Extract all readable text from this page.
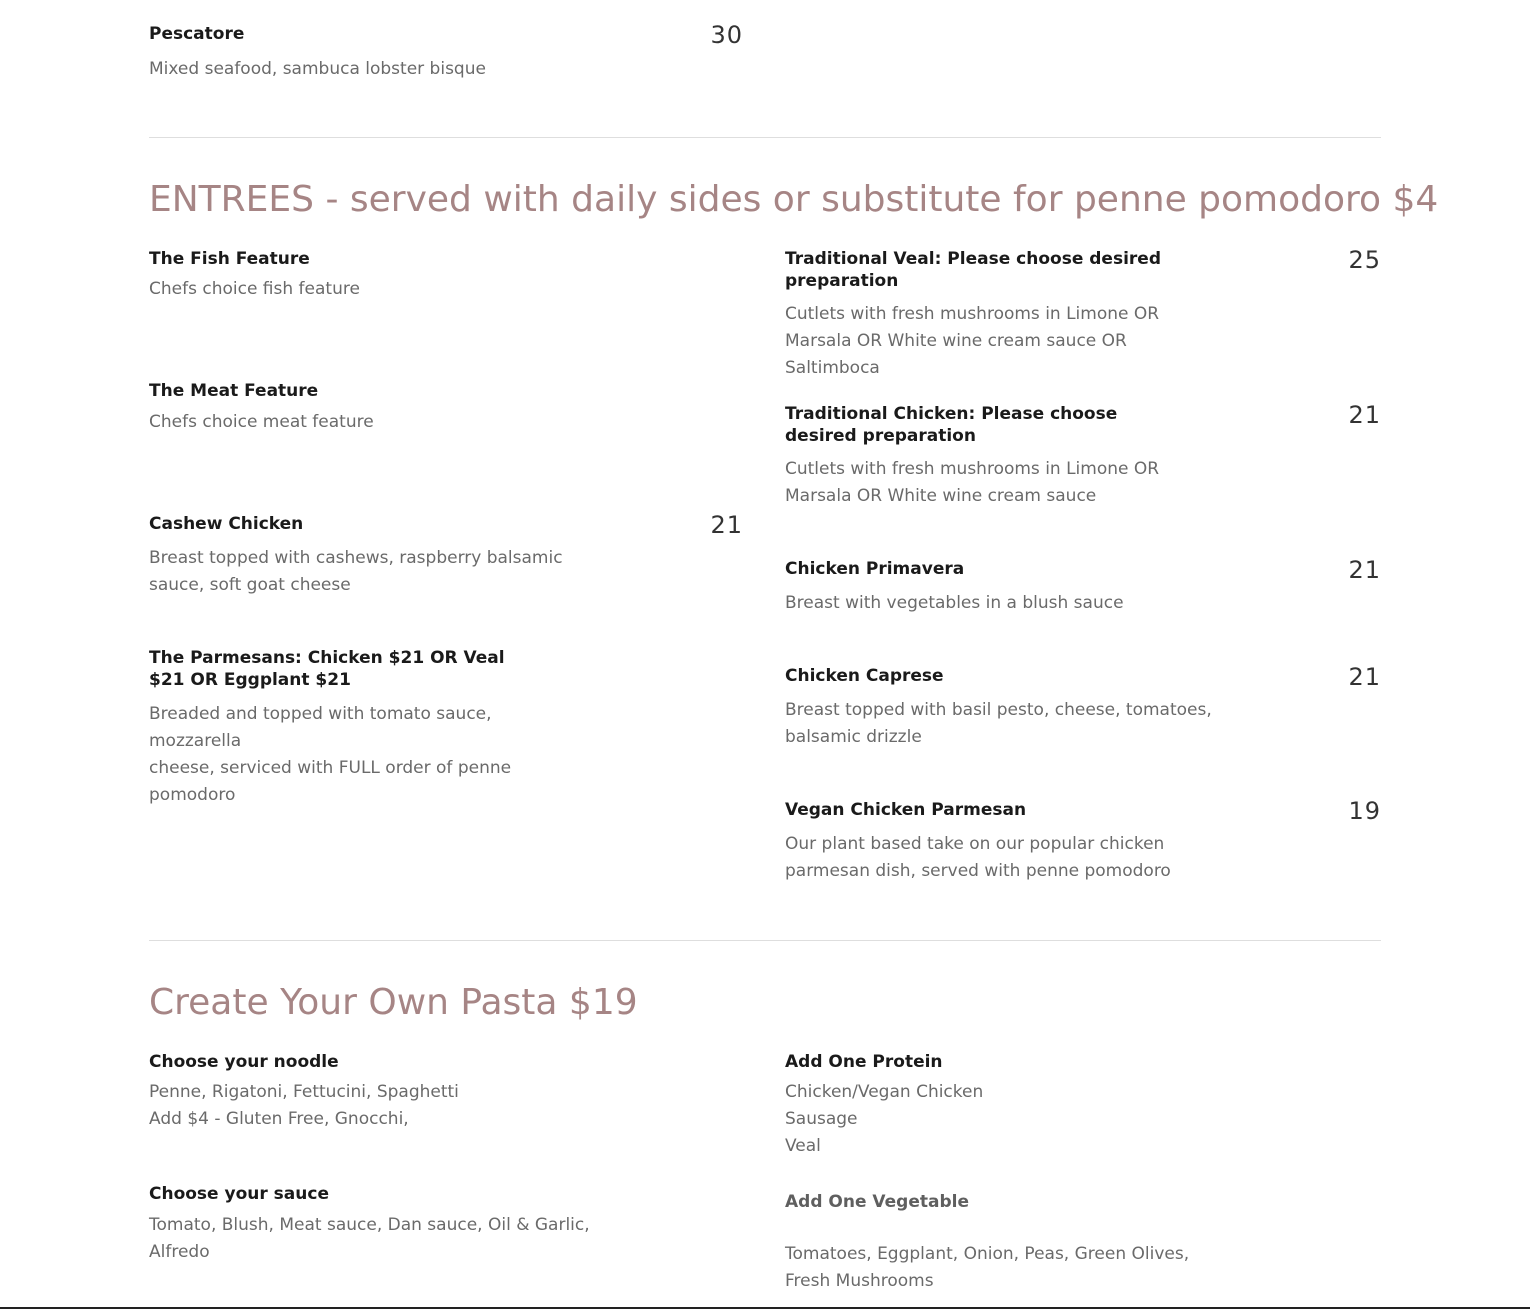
Pescatore
Mixed seafood, sambuca lobster bisque
30
ENTREES - served with daily sides or substitute for penne pomodoro $4
The Fish Feature
Chefs choice fish feature
The Meat Feature
Chefs choice meat feature
Cashew Chicken
Breast topped with cashews, raspberry balsamic
sauce, soft goat cheese
21
The Parmesans: Chicken $21 OR Veal $21 OR Eggplant $21
Breaded and topped with tomato sauce, mozzarella
cheese, serviced with FULL order of penne
pomodoro
Traditional Veal: Please choose desired preparation
Cutlets with fresh mushrooms in Limone OR
Marsala OR White wine cream sauce OR Saltimboca
25
Traditional Chicken: Please choose desired preparation
Cutlets with fresh mushrooms in Limone OR
Marsala OR White wine cream sauce
21
Chicken Primavera
Breast with vegetables in a blush sauce
21
Chicken Caprese
Breast topped with basil pesto, cheese, tomatoes,
balsamic drizzle
21
Vegan Chicken Parmesan
Our plant based take on our popular chicken
parmesan dish, served with penne pomodoro
19
Create Your Own Pasta $19
Choose your noodle
Penne, Rigatoni, Fettucini, Spaghetti
Add $4 - Gluten Free, Gnocchi,
Choose your sauce
Tomato, Blush, Meat sauce, Dan sauce, Oil & Garlic,
Alfredo
Add One Protein
Chicken/Vegan Chicken
Sausage
Veal
Add One Vegetable
Tomatoes, Eggplant, Onion, Peas, Green Olives,
Fresh Mushrooms
